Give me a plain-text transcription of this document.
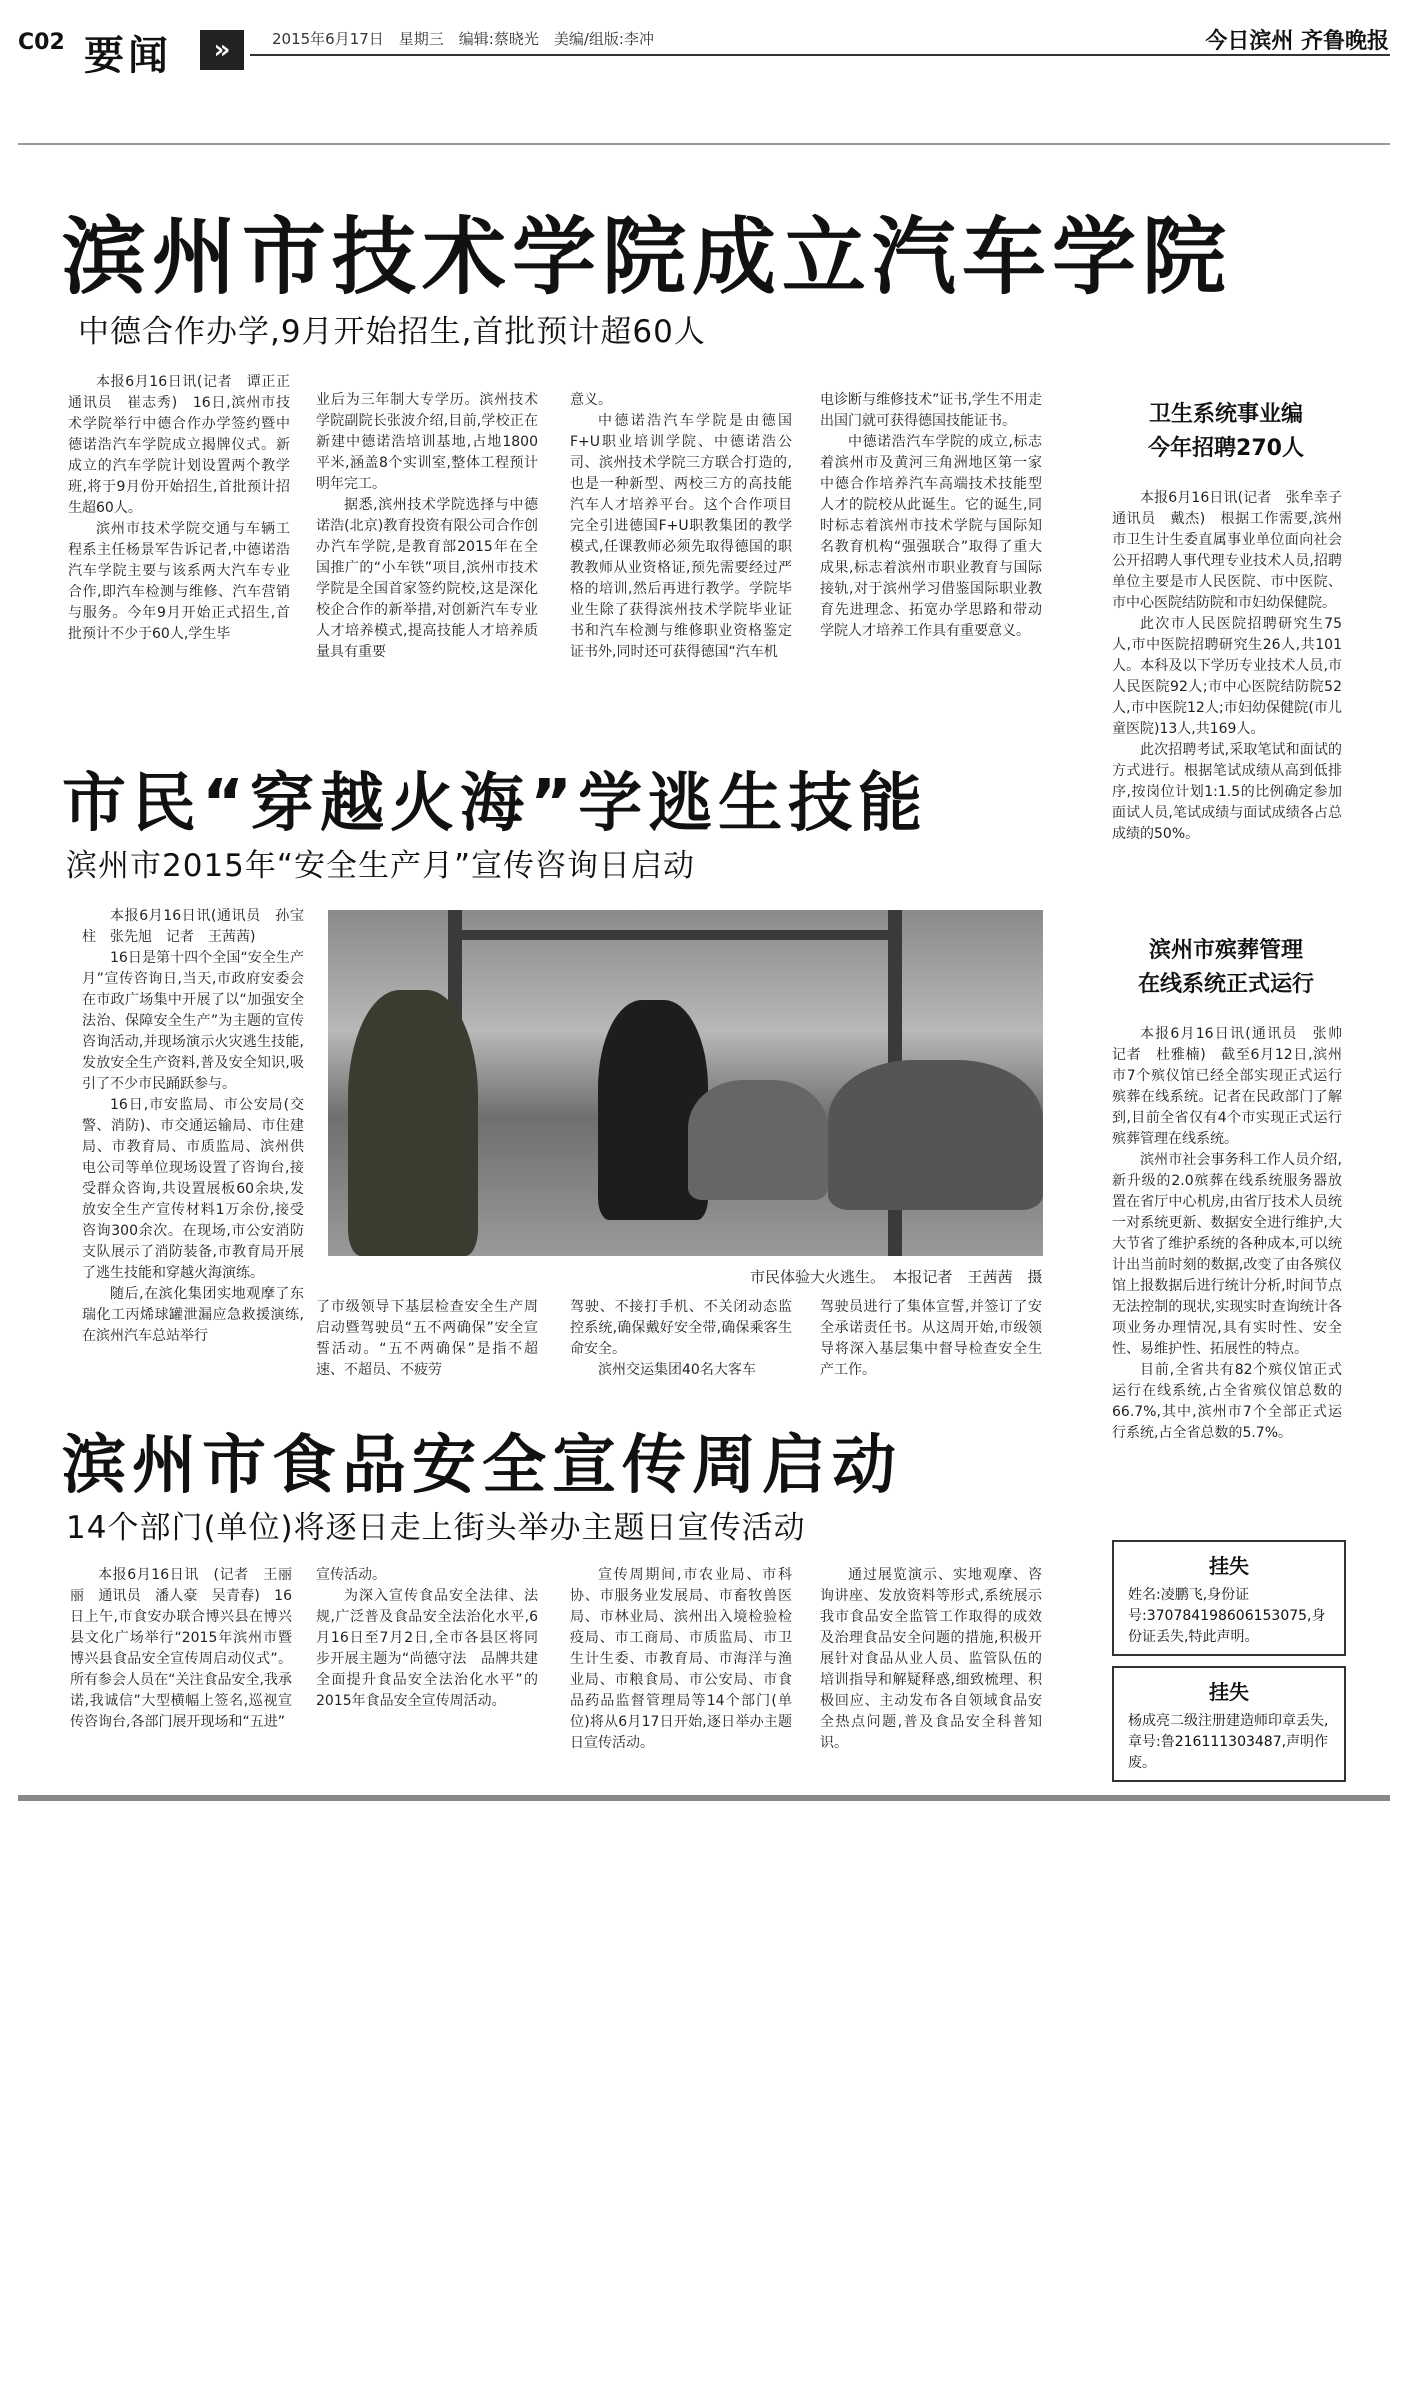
C02 要闻	»	2015年6月17日　星期三　编辑:蔡晓光　美编/组版:李冲	今日滨州 齐鲁晚报
滨州市技术学院成立汽车学院
中德合作办学,9月开始招生,首批预计超60人

本报6月16日讯(记者　谭正正　通讯员　崔志秀)　16日,滨州市技术学院举行中德合作办学签约暨中德诺浩汽车学院成立揭牌仪式。新成立的汽车学院计划设置两个教学班,将于9月份开始招生,首批预计招生超60人。

滨州市技术学院交通与车辆工程系主任杨景军告诉记者,中德诺浩汽车学院主要与该系两大汽车专业合作,即汽车检测与维修、汽车营销与服务。今年9月开始正式招生,首批预计不少于60人,学生毕

业后为三年制大专学历。滨州技术学院副院长张波介绍,目前,学校正在新建中德诺浩培训基地,占地1800平米,涵盖8个实训室,整体工程预计明年完工。

据悉,滨州技术学院选择与中德诺浩(北京)教育投资有限公司合作创办汽车学院,是教育部2015年在全国推广的“小车铁”项目,滨州市技术学院是全国首家签约院校,这是深化校企合作的新举措,对创新汽车专业人才培养模式,提高技能人才培养质量具有重要

意义。

中德诺浩汽车学院是由德国F+U职业培训学院、中德诺浩公司、滨州技术学院三方联合打造的,也是一种新型、两校三方的高技能汽车人才培养平台。这个合作项目完全引进德国F+U职教集团的教学模式,任课教师必须先取得德国的职教教师从业资格证,预先需要经过严格的培训,然后再进行教学。学院毕业生除了获得滨州技术学院毕业证书和汽车检测与维修职业资格鉴定证书外,同时还可获得德国“汽车机

电诊断与维修技术”证书,学生不用走出国门就可获得德国技能证书。

中德诺浩汽车学院的成立,标志着滨州市及黄河三角洲地区第一家中德合作培养汽车高端技术技能型人才的院校从此诞生。它的诞生,同时标志着滨州市技术学院与国际知名教育机构“强强联合”取得了重大成果,标志着滨州市职业教育与国际接轨,对于滨州学习借鉴国际职业教育先进理念、拓宽办学思路和带动学院人才培养工作具有重要意义。

市民“穿越火海”学逃生技能
滨州市2015年“安全生产月”宣传咨询日启动

本报6月16日讯(通讯员　孙宝柱　张先旭　记者　王茜茜)

16日是第十四个全国“安全生产月”宣传咨询日,当天,市政府安委会在市政广场集中开展了以“加强安全法治、保障安全生产”为主题的宣传咨询活动,并现场演示火灾逃生技能,发放安全生产资料,普及安全知识,吸引了不少市民踊跃参与。

16日,市安监局、市公安局(交警、消防)、市交通运输局、市住建局、市教育局、市质监局、滨州供电公司等单位现场设置了咨询台,接受群众咨询,共设置展板60余块,发放安全生产宣传材料1万余份,接受咨询300余次。在现场,市公安消防支队展示了消防装备,市教育局开展了逃生技能和穿越火海演练。

随后,在滨化集团实地观摩了东瑞化工丙烯球罐泄漏应急救援演练,在滨州汽车总站举行

市民体验大火逃生。　本报记者　王茜茜　摄

了市级领导下基层检查安全生产周启动暨驾驶员“五不两确保”安全宣誓活动。“五不两确保”是指不超速、不超员、不疲劳

驾驶、不接打手机、不关闭动态监控系统,确保戴好安全带,确保乘客生命安全。

滨州交运集团40名大客车

驾驶员进行了集体宣誓,并签订了安全承诺责任书。从这周开始,市级领导将深入基层集中督导检查安全生产工作。

滨州市食品安全宣传周启动
14个部门(单位)将逐日走上街头举办主题日宣传活动

本报6月16日讯　(记者　王丽丽　通讯员　潘人豪　吴青春)　16日上午,市食安办联合博兴县在博兴县文化广场举行“2015年滨州市暨博兴县食品安全宣传周启动仪式”。所有参会人员在“关注食品安全,我承诺,我诚信”大型横幅上签名,巡视宣传咨询台,各部门展开现场和“五进”

宣传活动。

为深入宣传食品安全法律、法规,广泛普及食品安全法治化水平,6月16日至7月2日,全市各县区将同步开展主题为“尚德守法　品牌共建　全面提升食品安全法治化水平”的2015年食品安全宣传周活动。

宣传周期间,市农业局、市科协、市服务业发展局、市畜牧兽医局、市林业局、滨州出入境检验检疫局、市工商局、市质监局、市卫生计生委、市教育局、市海洋与渔业局、市粮食局、市公安局、市食品药品监督管理局等14个部门(单位)将从6月17日开始,逐日举办主题日宣传活动。

通过展览演示、实地观摩、咨询讲座、发放资料等形式,系统展示我市食品安全监管工作取得的成效及治理食品安全问题的措施,积极开展针对食品从业人员、监管队伍的培训指导和解疑释惑,细致梳理、积极回应、主动发布各自领域食品安全热点问题,普及食品安全科普知识。

卫生系统事业编
今年招聘270人

本报6月16日讯(记者　张牟幸子　通讯员　戴杰)　根据工作需要,滨州市卫生计生委直属事业单位面向社会公开招聘人事代理专业技术人员,招聘单位主要是市人民医院、市中医院、市中心医院结防院和市妇幼保健院。

此次市人民医院招聘研究生75人,市中医院招聘研究生26人,共101人。本科及以下学历专业技术人员,市人民医院92人;市中心医院结防院52人,市中医院12人;市妇幼保健院(市儿童医院)13人,共169人。

此次招聘考试,采取笔试和面试的方式进行。根据笔试成绩从高到低排序,按岗位计划1:1.5的比例确定参加面试人员,笔试成绩与面试成绩各占总成绩的50%。

滨州市殡葬管理
在线系统正式运行

本报6月16日讯(通讯员　张帅　记者　杜雅楠)　截至6月12日,滨州市7个殡仪馆已经全部实现正式运行殡葬在线系统。记者在民政部门了解到,目前全省仅有4个市实现正式运行殡葬管理在线系统。

滨州市社会事务科工作人员介绍,新升级的2.0殡葬在线系统服务器放置在省厅中心机房,由省厅技术人员统一对系统更新、数据安全进行维护,大大节省了维护系统的各种成本,可以统计出当前时刻的数据,改变了由各殡仪馆上报数据后进行统计分析,时间节点无法控制的现状,实现实时查询统计各项业务办理情况,具有实时性、安全性、易维护性、拓展性的特点。

目前,全省共有82个殡仪馆正式运行在线系统,占全省殡仪馆总数的66.7%,其中,滨州市7个全部正式运行系统,占全省总数的5.7%。

挂失
姓名:凌鹏飞,身份证号:370784198606153075,身份证丢失,特此声明。
挂失
杨成亮二级注册建造师印章丢失,章号:鲁216111303487,声明作废。
